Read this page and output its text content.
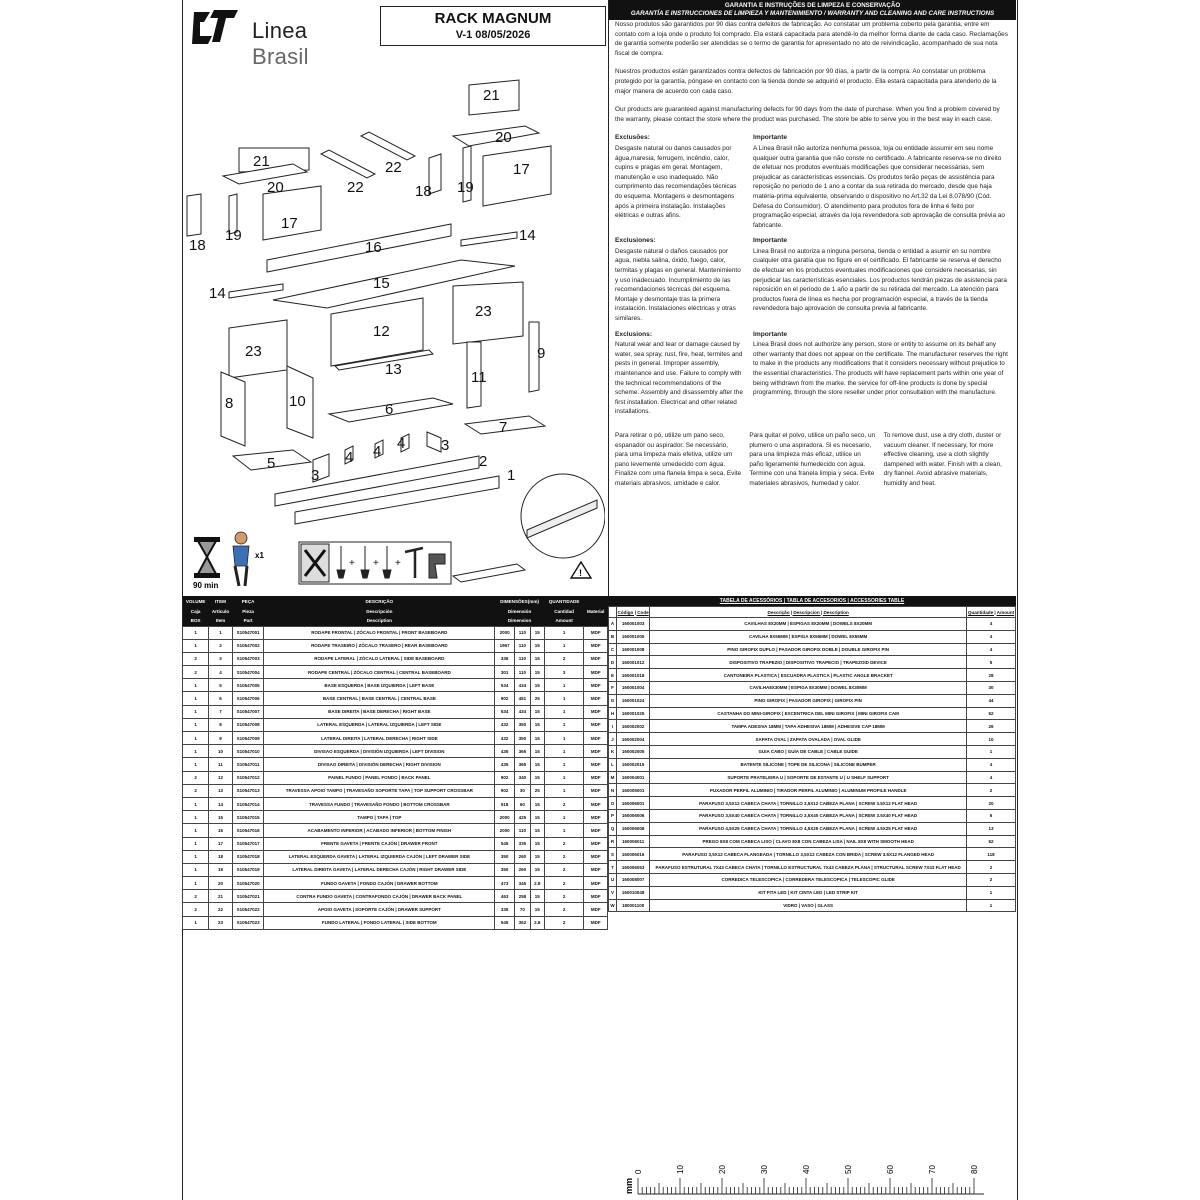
Linea Brasil
RACK MAGNUM
V-1 08/05/2026
21
20
22
22
21
20
17
18 19
17
18
19
16
14
15
14
23
12
23	9
13	11
8	10	6
7
5
3
4 4 4 3
2
1
90 min
x1
+ + +
!
GARANTIA E INSTRUÇÕES DE LIMPEZA E CONSERVAÇÃO
GARANTÍA E INSTRUCCIONES DE LIMPIEZA Y MANTENIMIENTO / WARRANTY AND CLEANING AND CARE INSTRUCTIONS

Nosso produtos são garantidos por 90 dias contra defeitos de fabricação. Ao constatar um problema coberto pela garantia, entre em contato com a loja onde o produto foi comprado. Ela estará capacitada para atendê-lo da melhor forma diante de cada caso. Reclamações de garantia somente poderão ser atendidas se o termo de garantia for apresentado no ato de reivindicação, acompanhado de sua nota fiscal de compra.

Nuestros productos están garantizados contra defectos de fabricación por 90 días, a partir de la compra. Ao constatar un problema protegido por la garantía, póngase en contacto con la tienda donde se adquirió el producto. Ella estará capacitada para atenderlo de la major manera de acuerdo con cada caso.

Our products are guaranteed against manufacturing defects for 90 days from the date of purchase. When you find a problem covered by the warranty, please contact the store where the product was purchased. The store be able to serve you in the best way in each case.

Exclusões:
Desgaste natural ou danos causados por água,maresia, ferrugem, incêndio, calor, cupins e pragas em geral. Montagem, manutenção e uso inadequado. Não cumprimento das recomendações técnicas do esquema. Montagens e desmontagens após a primeira instalação. Instalações elétricas e outras afins.
Importante
A Linea Brasil não autoriza nenhuma pessoa, loja ou entidade assumir em seu nome qualquer outra garantia que não conste no certificado. A fabricante reserva-se no direito de efetuar nos produtos eventuais modificações que considerar necessárias, sem prejudicar as características essenciais. Os produtos terão peças de assistência para reposição no período de 1 ano a contar da sua retirada do mercado, desde que haja matéria-prima equivalente, observando o dispositivo no Art.32 da Lei 8.078/90 (Cód. Defesa do Consumidor). O atendimento para produtos fora de linha é feito por programação especial, através da loja revendedora sob aprovação de consulta prévia ao fabricante.
Exclusiones:
Desgaste natural o daños causados por agua, niebla salina, óxido, fuego, calor, termitas y plagas en general. Mantenimiento y uso inadecuado. Incumplimiento de las recomendaciones técnicas del esquema. Montaje y desmontaje tras la primera instalación. Instalaciones eléctricas y otras similares.
Importante
Linea Brasil no autoriza a ninguna persona, tienda o entidad a asumir en su nombre cualquier otra garatía que no figure en el certificado. El fabricante se reserva el derecho de efectuar en los productos eventuales modificaciones que considere necesarias, sin perjudicar las características esenciales. Los productos tendrán piezas de asistencia para reposición en el período de 1 año a partir de su retirada del mercado. La atención para productos fuera de línea es hecha por programación especial, a través de la tienda revendedora bajo aprovación de consulta previa al fabricante.
Exclusions:
Natural wear and tear or damage caused by water, sea spray, rust, fire, heat, termites and pests in general. Improper assembly, maintenance and use. Failure to comply with the technical recommendations of the scheme. Assembly and disassembly after the first installation. Electrical and other related installations.
Importante
Linea Brasil does not authorize any person, store or entity to assume on its behalf any other warranty that does not appear on the certificate. The manufacturer reserves the right to make in the products any modifications that it considers necessary without prejudice to the essential characteristics. The products will have replacement parts within one year of being withdrawn from the marke. the service for off-line products is done by special programming, through the store reseller under prior consultation with the manufacture.
Para retirar o pó, utilize um pano seco, espanador ou aspirador. Se necessário, para uma limpeza mais efetiva, utilize um pano levemente umedecido com água. Finalize com uma flanela limpa e seca. Evite materiais abrasivos, umidade e calor.
Para quitar el polvo, utilice un paño seco, un plumero o una aspiradora. Si es necesario, para una limpieza más eficaz, utilice un paño ligeramente humedecido con agua. Termine con una franela limpia y seca. Evite materiales abrasivos, humedad y calor.
To remove dust, use a dry cloth, duster or vacuum cleaner. If necessary, for more effective cleaning, use a cloth slightly dampened with water. Finish with a clean, dry flannel. Avoid abrasive materials, humidity and heat.
VOLUME	ITEM	PEÇA	DESCRIÇÃO	DIMENSÕES(mm)			QUANTIDADE	
Caja	Artículo	Pieza	Descripción	Dimensión			Cantidad	Material
BOX	Item	Part	Description	Dimension			Amount	
1	1	S10547001	RODAPE FRONTAL | ZÓCALO FRONTAL | FRONT BASEBOARD	2000	110	15	1	MDF
1	2	S10547002	RODAPE TRASEIRO | ZÓCALO TRASERO | REAR BASEBOARD	1967	110	15	1	MDF
2	3	S10547003	RODAPE LATERAL | ZÓCALO LATERAL | SIDE BASEBOARD	336	110	15	2	MDF
2	4	S10547004	RODAPE CENTRAL | ZÓCALO CENTRAL | CENTRAL BASEBOARD	301	110	15	3	MDF
1	5	S10547005	BASE ESQUERDA | BASE IZQUIERDA | LEFT BASE	534	434	15	1	MDF
1	6	S10547006	BASE CENTRAL | BASE CENTRAL | CENTRAL BASE	902	451	25	1	MDF
1	7	S10547007	BASE DIREITA | BASE DERECHA | RIGHT BASE	534	434	15	1	MDF
1	8	S10547008	LATERAL ESQUERDA | LATERAL IZQUIERDA | LEFT SIDE	432	350	15	1	MDF
1	9	S10547009	LATERAL DIREITA | LATERAL DERECHA | RIGHT SIDE	432	350	15	1	MDF
1	10	S10547010	DIVISAO ESQUERDA | DIVISIÓN IZQUIERDA | LEFT DIVISION	435	365	15	1	MDF
1	11	S10547011	DIVISAO DIREITA | DIVISIÓN DERECHA | RIGHT DIVISION	435	365	15	1	MDF
2	12	S10547012	PAINEL FUNDO | PANEL FONDO | BACK PANEL	902	340	15	1	MDF
2	13	S10547013	TRAVESSA APOIO TAMPO | TRAVESAÑO SOPORTE TAPA | TOP SUPPORT CROSSBAR	902	30	25	1	MDF
1	14	S10547014	TRAVESSA FUNDO | TRAVESAÑO FONDO | BOTTOM CROSSBAR	518	60	15	2	MDF
1	15	S10547015	TAMPO | TAPA | TOP	2000	425	15	1	MDF
1	16	S10547016	ACABAMENTO INFERIOR | ACABADO INFERIOR | BOTTOM FINISH	2000	110	15	1	MDF
1	17	S10547017	FRENTE GAVETA | FRENTE CAJÓN | DRAWER FRONT	545	335	15	2	MDF
1	18	S10547018	LATERAL ESQUERDA GAVETA | LATERAL IZQUIERDA CAJÓN | LEFT DRAWER SIDE	350	260	15	2	MDF
1	19	S10547019	LATERAL DIREITA GAVETA | LATERAL DERECHA CAJÓN | RIGHT DRAWER SIDE	350	260	15	2	MDF
1	20	S10547020	FUNDO GAVETA | FONDO CAJÓN | DRAWER BOTTOM	473	345	2.8	2	MDF
2	21	S10547021	CONTRA FUNDO GAVETA | CONTRAFONDO CAJÓN | DRAWER BACK PANEL	463	258	15	2	MDF
2	22	S10547022	APOIO GAVETA | SOPORTE CAJÓN | DRAWER SUPPORT	335	70	15	2	MDF
1	23	S10547023	FUNDO LATERAL | FONDO LATERAL | SIDE BOTTOM	545	362	2.8	2	MDF
TABELA DE ACESSÓRIOS | TABLA DE ACCESORIOS | ACCESSORIES TABLE
	Código | Code	Descrição | Descripcion | Description	Quantidade | Amount
A	160001003	CAVILHAS 8X20MM | ESPIGAS 8X20MM | DOWELS 8X20MM	4
B	160001005	CAVILHA 8X55MM | ESPIGA 8X55MM | DOWEL 8X55MM	4
C	160001008	PINO GIROFIX DUPLO | PASADOR GIROFIX DOBLE | DOUBLE GIROFIX PIN	4
D	160001012	DISPOSITIVO TRAPEZIO | DISPOSITIVO TRAPECIO | TRAPEZOID DEVICE	5
E	160001018	CANTONEIRA PLASTICA | ESCUADRA PLASTICA | PLASTIC ANGLE BRACKET	28
F	160001004	CAVILHA8X30MM | ESPIGA 8X30MM | DOWEL 8X30MM	30
G	160001024	PINO GIROFIX | PASADOR GIROFIX | GIROFIX PIN	44
H	160001025	CASTANHA DO MINI-GIROFIX | EXCENTRICA DEL MINI GIROFIX | MINI GIROFIX CAM	52
I	160002002	TAMPA ADESIVA 18MM | TAPA ADHESIVA 18MM | ADHESIVE CAP 18MM	26
J	160002004	SAPATA OVAL | ZAPATA OVALADA | OVAL GLIDE	10
K	160002005	GUIA CABO | GUÍA DE CABLE | CABLE GUIDE	1
L	160002015	BATENTE SILICONE | TOPE DE SILICONA | SILICONE BUMPER	4
M	160004001	SUPORTE PRATELEIRA U | SOPORTE DE ESTANTE U | U SHELF SUPPORT	4
N	160005001	PUXADOR PERFIL ALUMINIO | TIRADOR PERFIL ALUMINIO | ALUMINUM PROFILE HANDLE	2
O	160006001	PARAFUSO 3,5X12 CABECA CHATA | TORNILLO 3,5X12 CABEZA PLANA | SCREW 3.5X12 FLAT HEAD	20
P	160006006	PARAFUSO 3,5X40 CABECA CHATA | TORNILLO 3,5X40 CABEZA PLANA | SCREW 3.5X40 FLAT HEAD	6
Q	160006008	PARAFUSO 4,5X25 CABECA CHATA | TORNILLO 4,5X25 CABEZA PLANA | SCREW 4.5X25 FLAT HEAD	13
R	160006011	PREGO 8X8 COM CABECA LISO | CLAVO 8X8 CON CABEZA LISA | NAIL 8X8 WITH SMOOTH HEAD	52
S	160006016	PARAFUSO 3,5X12 CABECA FLANGEADA | TORNILLO 3,5X12 CABEZA CON BRIDA | SCREW 3.5X12 FLANGED HEAD	118
T	160006053	PARAFUSO ESTRUTURAL 7X43 CABECA CHATA | TORNILLO ESTRUCTURAL 7X43 CABEZA PLANA | STRUCTURAL SCREW 7X43 FLAT HEAD	2
U	160008007	CORREDICA TELESCOPICA | CORREDERA TELESCOPICA | TELESCOPIC GLIDE	2
V	160010048	KIT FITA LED | KIT CINTA LED | LED STRIP KIT	1
W	180001100	VIDRO | VASO | GLASS	1
mm
0	10	20	30	40	50	60	70	80
